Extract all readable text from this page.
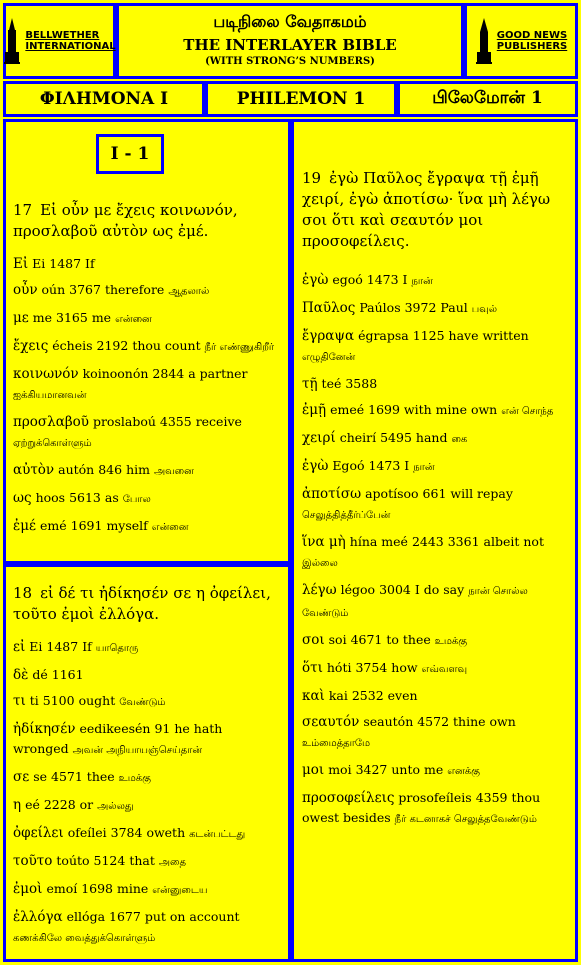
BELLWETHER
INTERNATIONAL
படிநிலை வேதாகமம்
THE INTERLAYER BIBLE
(WITH STRONG’S NUMBERS)
GOOD NEWS
PUBLISHERS
ΦΙΛΗΜΟΝΑ Ι	PHILEMON 1	பிலேமோன் 1
I - 1
17 Εἰ οὖν με ἔχεις κοινωνόν, προσλαβοῦ αὐτὸν ως ἐμέ.
Εἰ Ei 1487 If
οὖν oún 3767 therefore ஆதலால்
με me 3165 me என்னை
ἔχεις écheis 2192 thou count நீர் எண்ணுகிறீர்
κοινωνόν koinoonón 2844 a partner ஐக்கியமானவன்
προσλαβοῦ proslaboú 4355 receive ஏற்றுக்கொள்ளும்
αὐτὸν autón 846 him அவனை
ως hoos 5613 as போல
ἐμέ emé 1691 myself என்னை
18 εἰ δέ τι ἠδίκησέν σε η ὀφείλει, τοῦτο ἐμοὶ ἐλλόγα.
εἰ Ei 1487 If யாதொரு
δὲ dé 1161
τι ti 5100 ought வேண்டும்
ἠδίκησέν eedikeesén 91 he hath wronged அவன் அநியாயஞ்செய்தான்
σε se 4571 thee உமக்கு
η eé 2228 or அல்லது
ὀφείλει ofeílei 3784 oweth கடன்பட்டது
τοῦτο toúto 5124 that அதை
ἐμοὶ emoí 1698 mine என்னுடைய
ἐλλόγα ellóga 1677 put on account கணக்கிலே வைத்துக்கொள்ளும்
19 ἐγὼ Παῦλος ἔγραψα τῇ ἐμῇ χειρί, ἐγὼ ἀποτίσω· ἵνα μὴ λέγω σοι ὅτι καὶ σεαυτόν μοι προσοφείλεις.
ἐγὼ egoó 1473 I நான்
Παῦλος Paúlos 3972 Paul பவுல்
ἔγραψα égrapsa 1125 have written எழுதினேன்
τῇ teé 3588
ἐμῇ emeé 1699 with mine own என் சொந்த
χειρί cheirí 5495 hand கை
ἐγὼ Egoó 1473 I நான்
ἀποτίσω apotísoo 661 will repay செலுத்தித்தீர்ப்பேன்
ἵνα μὴ hína meé 2443 3361 albeit not இல்லை
λέγω légoo 3004 I do say நான் சொல்ல வேண்டும்
σοι soi 4671 to thee உமக்கு
ὅτι hóti 3754 how எவ்வளவு
καὶ kai 2532 even
σεαυτόν seautón 4572 thine own உம்மைத்தாமே
μοι moi 3427 unto me எனக்கு
προσοφείλεις prosofeíleis 4359 thou owest besides நீர் கடனாகச் செலுத்தவேண்டும்
